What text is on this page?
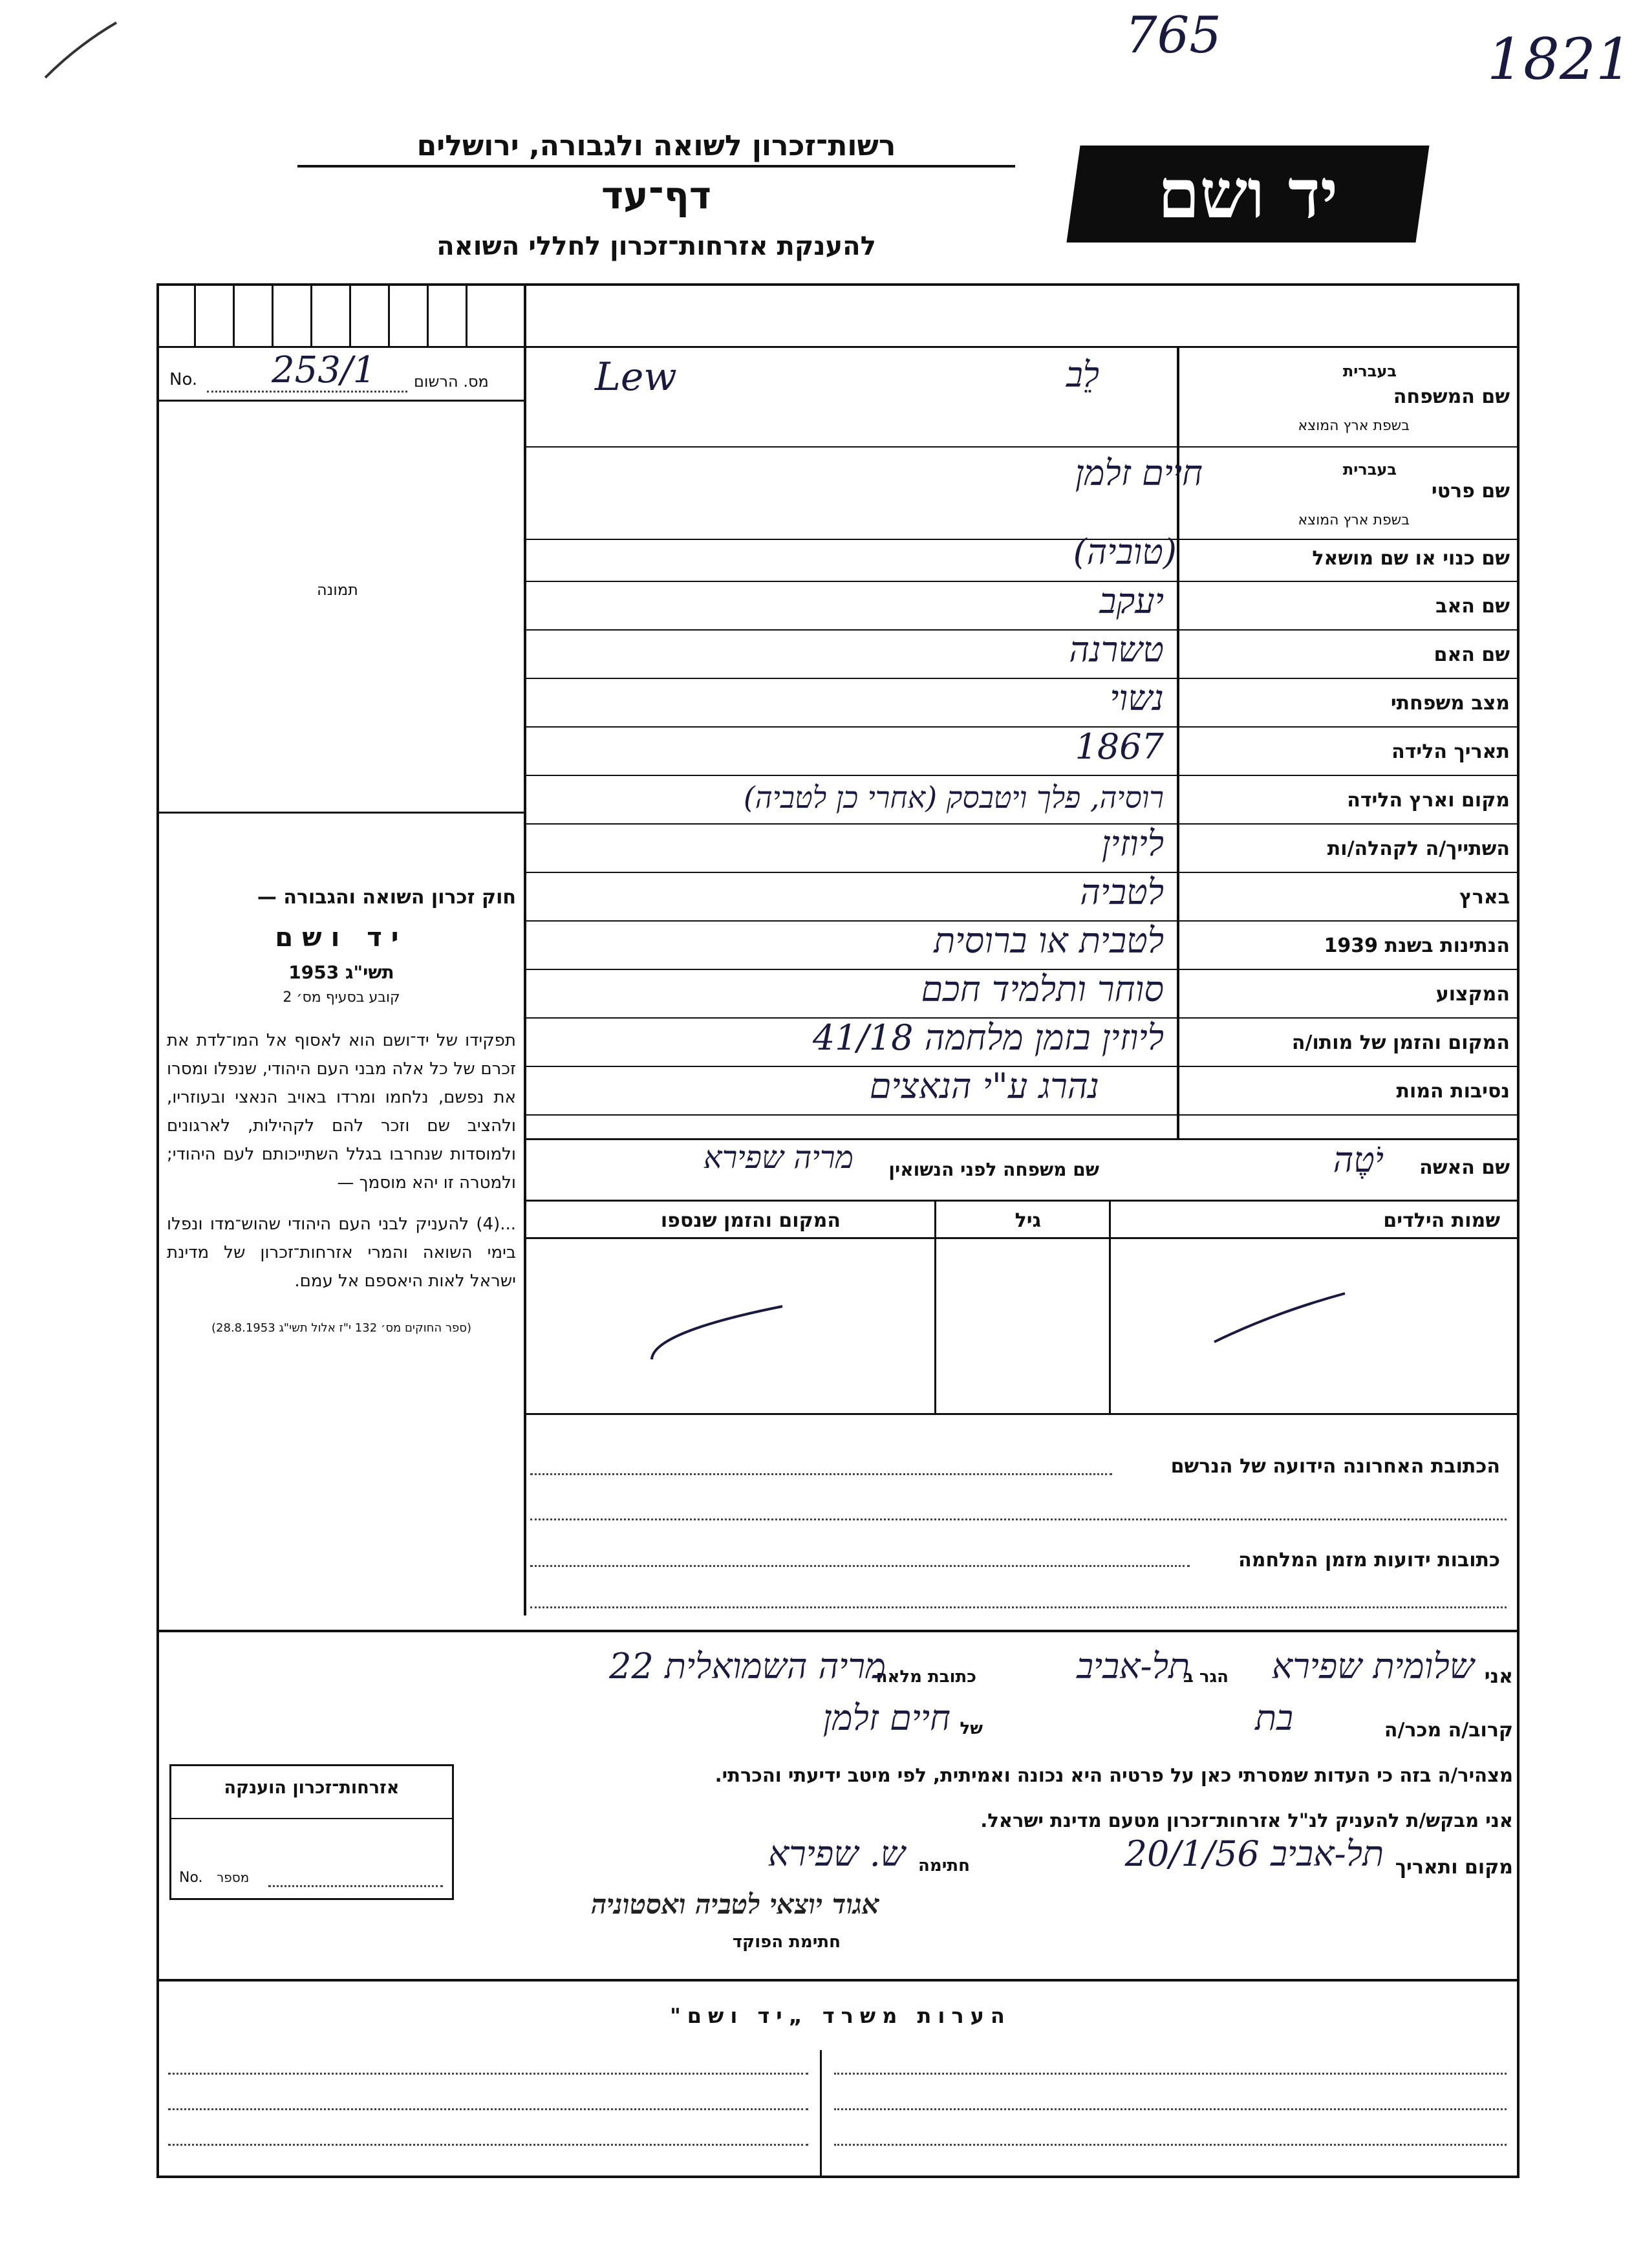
1821
765
רשות־זכרון לשואה ולגבורה, ירושלים
דף־עד
להענקת אזרחות־זכרון לחללי השואה
יד ושם
No. 253/1 מס. הרשום
תמונה
חוק זכרון השואה והגבורה —
יד ושם
תשי"ג 1953
קובע בסעיף מס׳ 2
תפקידו של יד־ושם הוא לאסוף אל המו־לדת את זכרם של כל אלה מבני העם היהודי, שנפלו ומסרו את נפשם, נלחמו ומרדו באויב הנאצי ובעוזריו, ולהציב שם וזכר להם לקהילות, לארגונים ולמוסדות שנחרבו בגלל השתייכותם לעם היהודי; ולמטרה זו יהא מוסמך —
...(4) להעניק לבני העם היהודי שהוש־מדו ונפלו בימי השואה והמרי אזרחות־זכרון של מדינת ישראל לאות היאספם אל עמם.
(ספר החוקים מס׳ 132 י"ז אלול תשי"ג 28.8.1953)
שם המשפחה
בעברית
בשפת ארץ המוצא
לֵב
Lew
שם פרטי
בעברית
בשפת ארץ המוצא
חיים זלמן
שם כנוי או שם מושאל
(טוביה)
שם האב
יעקב
שם האם
טשרנה
מצב משפחתי
נשוי
תאריך הלידה
1867
מקום וארץ הלידה
רוסיה, פלך ויטבסק (אחרי כן לטביה)
השתייך/ה לקהלה/ות
ליוזין
בארץ
לטביה
הנתינות בשנת 1939
לטבית או ברוסית
המקצוע
סוחר ותלמיד חכם
המקום והזמן של מותו/ה
ליוזין בזמן מלחמה 41/18
נסיבות המות
נהרג ע"י הנאצים
שם האשה
יֹטֶה
שם משפחה לפני הנשואין
מריה שפירא
שמות הילדים
גיל
המקום והזמן שנספו
הכתובת האחרונה הידועה של הנרשם
כתובות ידועות מזמן המלחמה
אני
שלומית שפירא
הגר ב
תל-אביב
כתובת מלאה
מריה השמואלית 22
קרוב/ה מכר/ה
בת
של
חיים זלמן
מצהיר/ה בזה כי העדות שמסרתי כאן על פרטיה היא נכונה ואמיתית, לפי מיטב ידיעתי והכרתי.
אני מבקש/ת להעניק לנ"ל אזרחות־זכרון מטעם מדינת ישראל.
מקום ותאריך
תל-אביב 20/1/56
חתימה
ש. שפירא
אגוד יוצאי לטביה ואסטוניה
חתימת הפוקד
אזרחות־זכרון הוענקה
No. מספר
הערות משרד „יד ושם"
